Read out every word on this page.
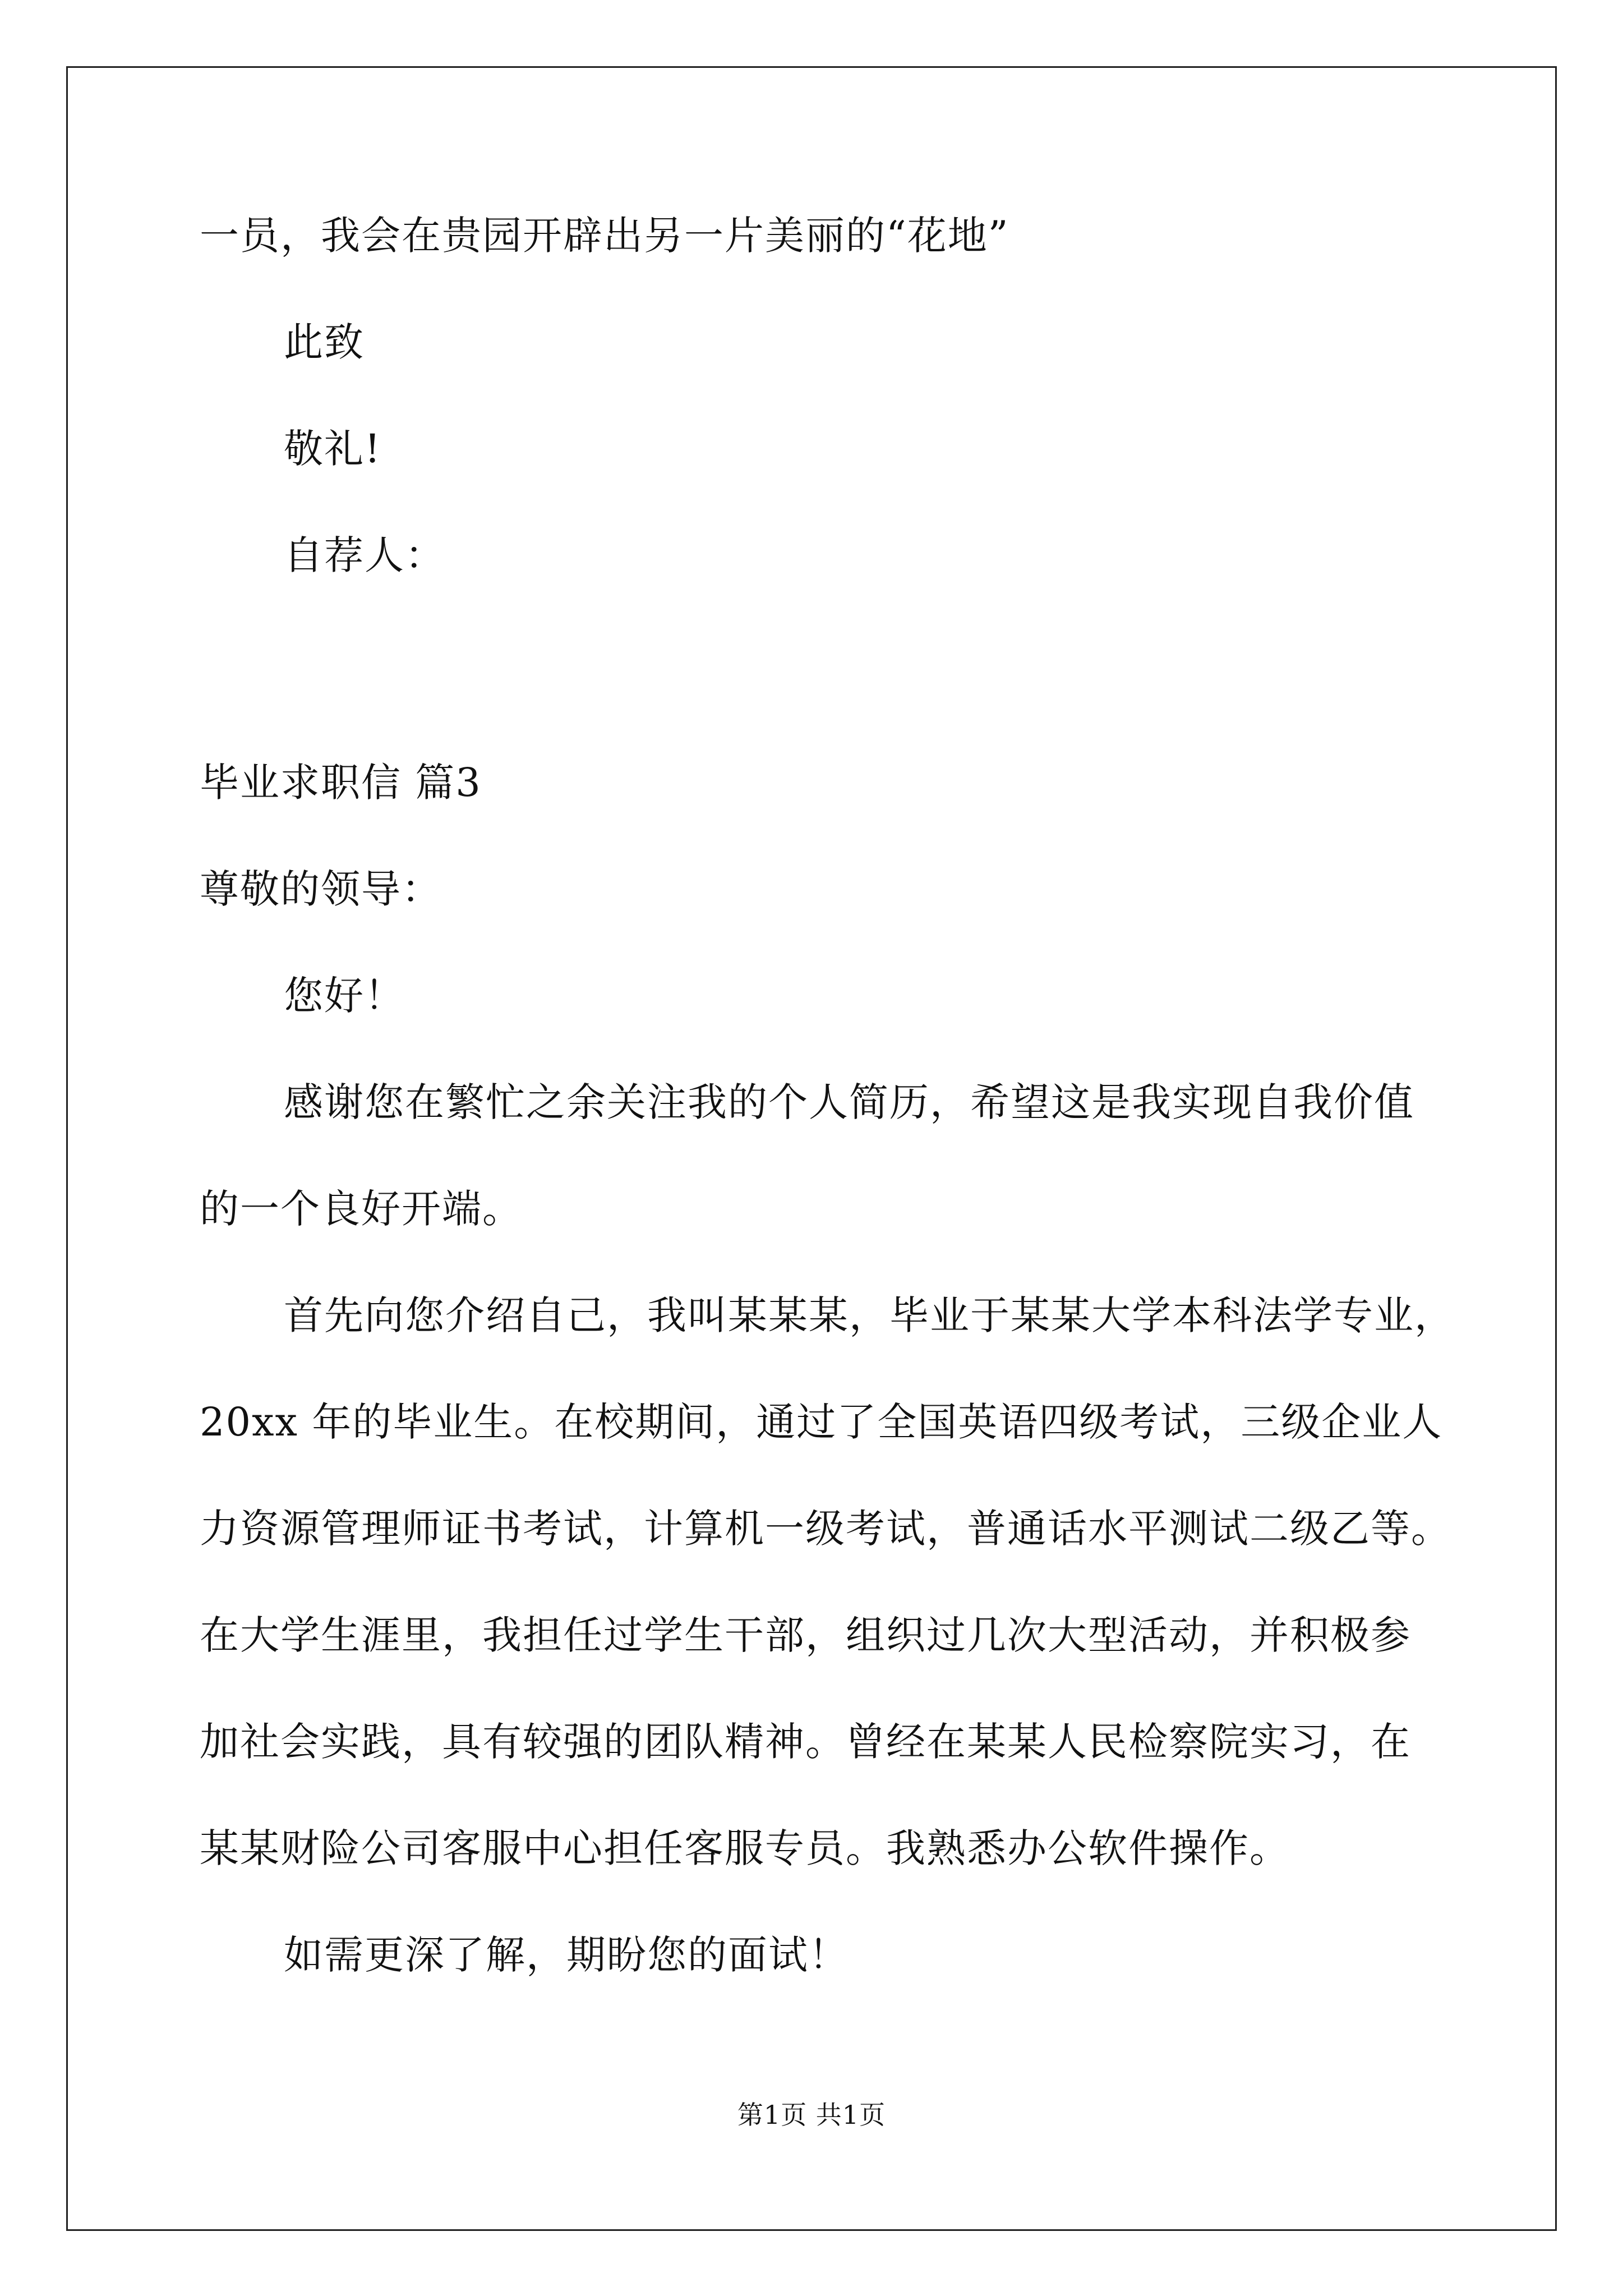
一员，我会在贵园开辟出另一片美丽的“花地”
此致
敬礼!
自荐人：
毕业求职信 篇3
尊敬的领导：
您好！
感谢您在繁忙之余关注我的个人简历，希望这是我实现自我价值
的一个良好开端。
首先向您介绍自己，我叫某某某，毕业于某某大学本科法学专业，
20xx 年的毕业生。在校期间，通过了全国英语四级考试，三级企业人
力资源管理师证书考试，计算机一级考试，普通话水平测试二级乙等。
在大学生涯里，我担任过学生干部，组织过几次大型活动，并积极参
加社会实践，具有较强的团队精神。曾经在某某人民检察院实习，在
某某财险公司客服中心担任客服专员。我熟悉办公软件操作。
如需更深了解，期盼您的面试！
第1页 共1页
